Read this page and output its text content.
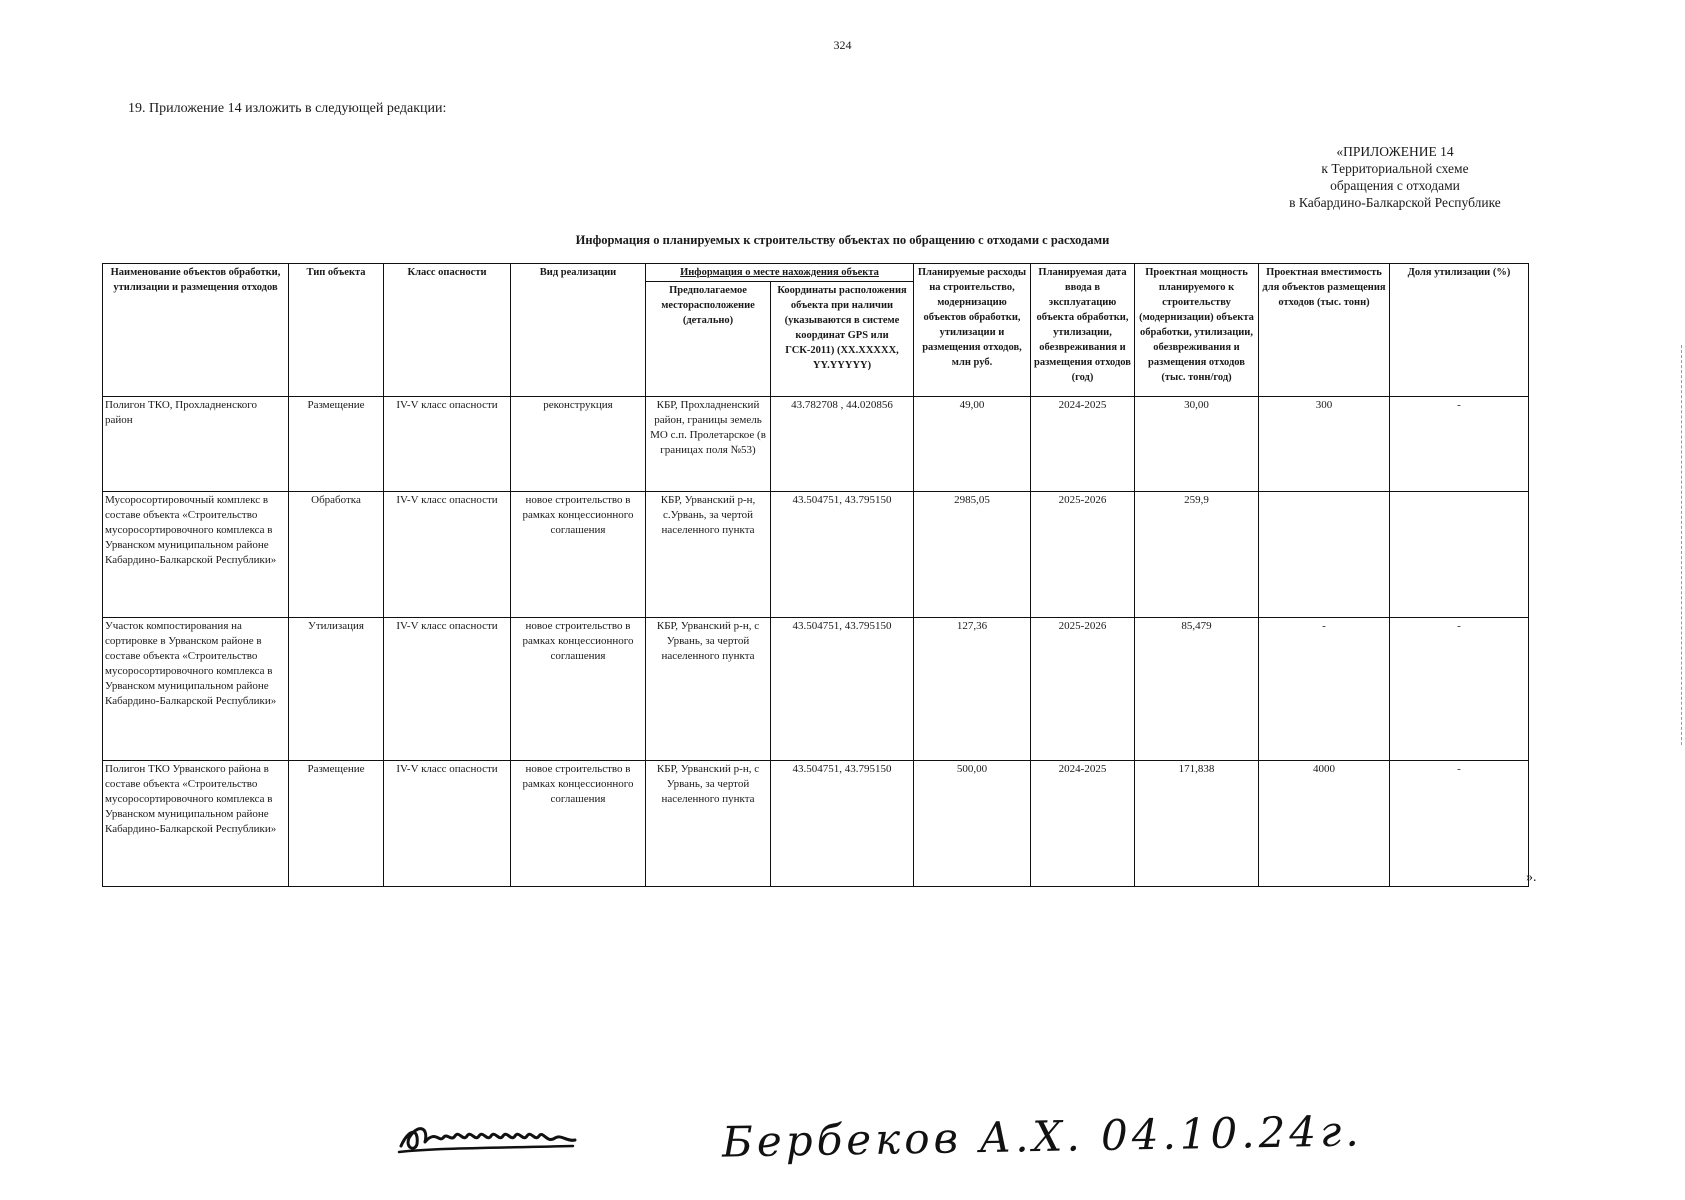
324
19. Приложение 14 изложить в следующей редакции:
«ПРИЛОЖЕНИЕ 14
к Территориальной схеме
обращения с отходами
в Кабардино-Балкарской Республике
Информация о планируемых к строительству объектах по обращению с отходами с расходами
Наименование объектов обработки, утилизации и размещения отходов	Тип объекта	Класс опасности	Вид реализации	Информация о месте нахождения объекта		Планируемые расходы на строительство, модернизацию объектов обработки, утилизации и размещения отходов, млн руб.	Планируемая дата ввода в эксплуатацию объекта обработки, утилизации, обезвреживания и размещения отходов (год)	Проектная мощность планируемого к строительству (модернизации) объекта обработки, утилизации, обезвреживания и размещения отходов (тыс. тонн/год)	Проектная вместимость для объектов размещения отходов (тыс. тонн)	Доля утилизации (%)
				Предполагаемое месторасположение (детально)	Координаты расположения объекта при наличии (указываются в системе координат GPS или ГСК-2011) (XX.XXXXX, YY.YYYYY)					
Полигон ТКО, Прохладненского район	Размещение	IV-V класс опасности	реконструкция	КБР, Прохладненский район, границы земель МО с.п. Пролетарское (в границах поля №53)	43.782708 , 44.020856	49,00	2024-2025	30,00	300	-
Мусоросортировочный комплекс в составе объекта «Строительство мусоросортировочного комплекса в Урванском муниципальном районе Кабардино-Балкарской Республики»	Обработка	IV-V класс опасности	новое строительство в рамках концессионного соглашения	КБР, Урванский р-н, с.Урвань, за чертой населенного пункта	43.504751, 43.795150	2985,05	2025-2026	259,9		
Участок компостирования на сортировке в Урванском районе в составе объекта «Строительство мусоросортировочного комплекса в Урванском муниципальном районе Кабардино-Балкарской Республики»	Утилизация	IV-V класс опасности	новое строительство в рамках концессионного соглашения	КБР, Урванский р-н, с Урвань, за чертой населенного пункта	43.504751, 43.795150	127,36	2025-2026	85,479	-	-
Полигон ТКО Урванского района в составе объекта «Строительство мусоросортировочного комплекса в Урванском муниципальном районе Кабардино-Балкарской Республики»	Размещение	IV-V класс опасности	новое строительство в рамках концессионного соглашения	КБР, Урванский р-н, с Урвань, за чертой населенного пункта	43.504751, 43.795150	500,00	2024-2025	171,838	4000	-
».
Бербеков А.Х. 04.10.24г.
